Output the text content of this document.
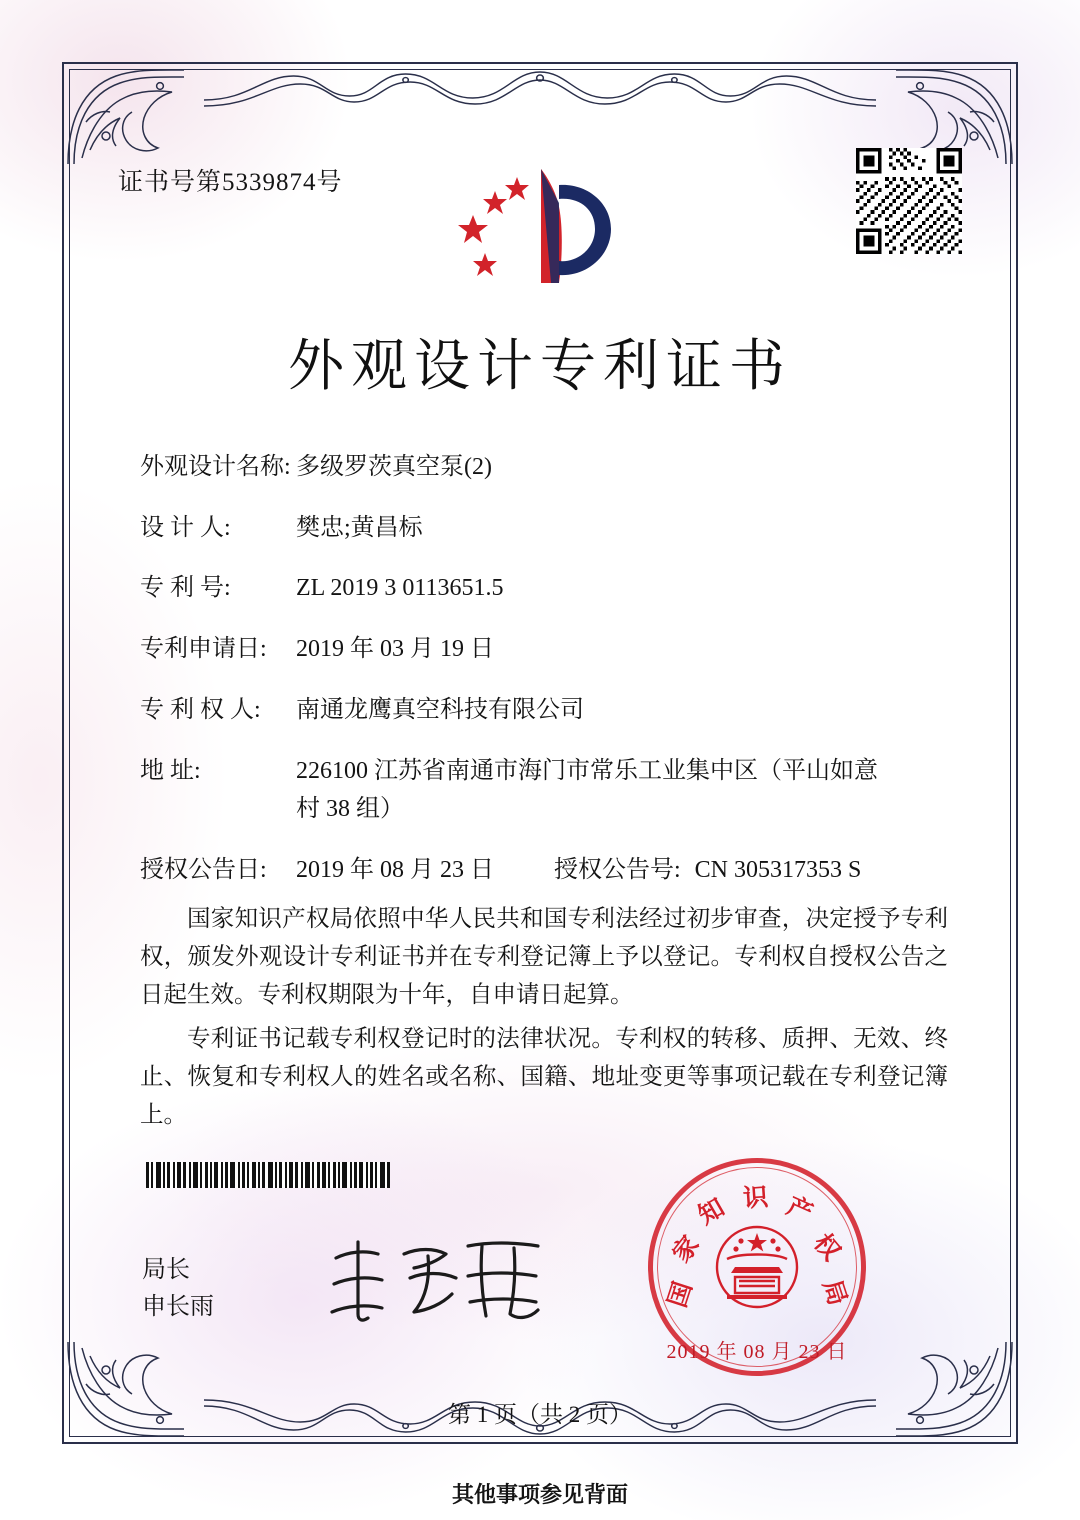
证书号第5339874号
外观设计专利证书
外观设计名称: 多级罗茨真空泵(2)
设 计 人:	樊忠;黄昌标
专 利 号:	ZL 2019 3 0113651.5
专利申请日:	2019 年 03 月 19 日
专 利 权 人:	南通龙鹰真空科技有限公司
地 址:	226100 江苏省南通市海门市常乐工业集中区（平山如意
村 38 组）
授权公告日:	2019 年 08 月 23 日	授权公告号: CN 305317353 S

国家知识产权局依照中华人民共和国专利法经过初步审查，决定授予专利权，颁发外观设计专利证书并在专利登记簿上予以登记。专利权自授权公告之日起生效。专利权期限为十年，自申请日起算。

专利证书记载专利权登记时的法律状况。专利权的转移、质押、无效、终止、恢复和专利权人的姓名或名称、国籍、地址变更等事项记载在专利登记簿上。

局长
申长雨	国
家
知 识 产
权
局
2019 年 08 月 23 日
第 1 页（共 2 页）
其他事项参见背面
